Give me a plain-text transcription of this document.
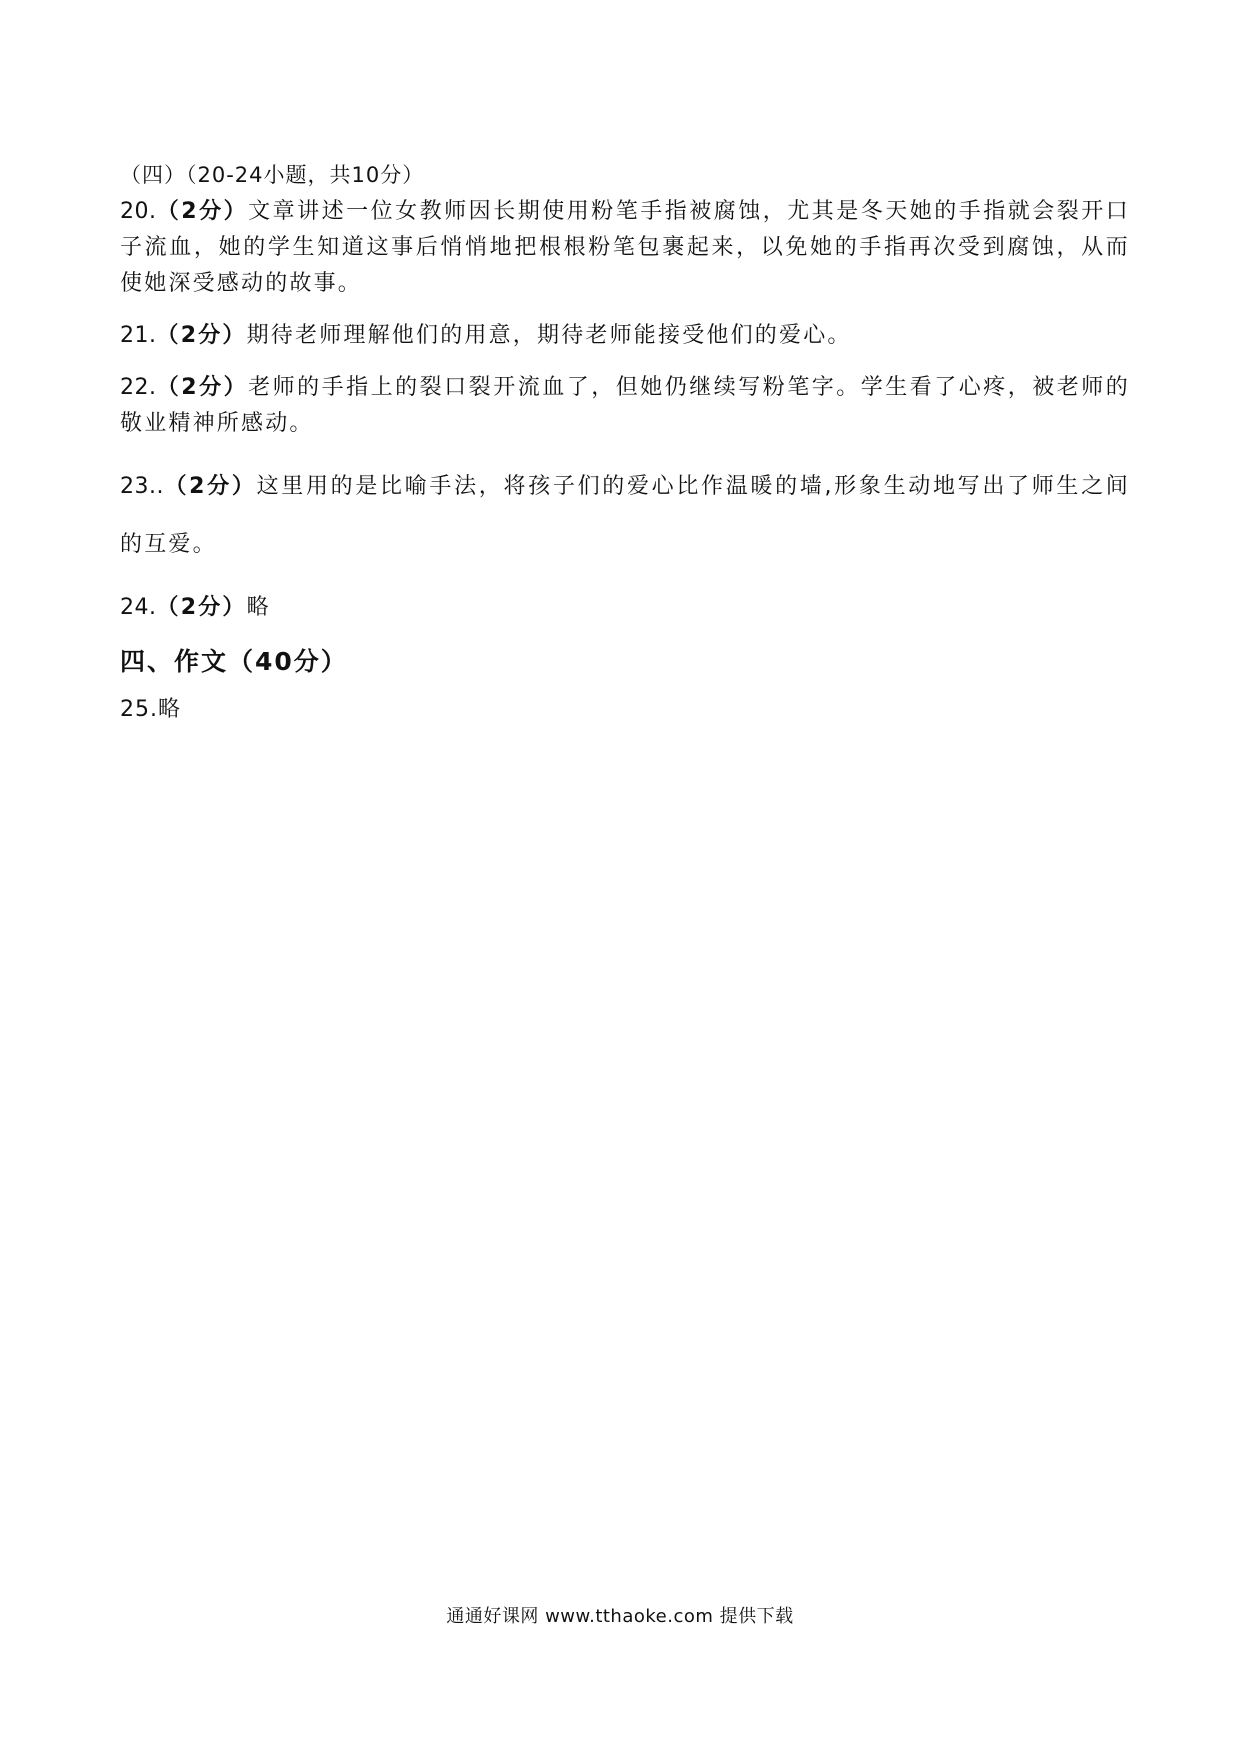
（四）（20-24小题，共10分）

20.（2分）文章讲述一位女教师因长期使用粉笔手指被腐蚀，尤其是冬天她的手指就会裂开口子流血，她的学生知道这事后悄悄地把根根粉笔包裹起来，以免她的手指再次受到腐蚀，从而使她深受感动的故事。

21.（2分）期待老师理解他们的用意，期待老师能接受他们的爱心。

22.（2分）老师的手指上的裂口裂开流血了，但她仍继续写粉笔字。学生看了心疼，被老师的敬业精神所感动。

23..（2分）这里用的是比喻手法，将孩子们的爱心比作温暖的墙,形象生动地写出了师生之间的互爱。

24.（2分）略

四、作文（40分）

25.略

通通好课网 www.tthaoke.com 提供下载
